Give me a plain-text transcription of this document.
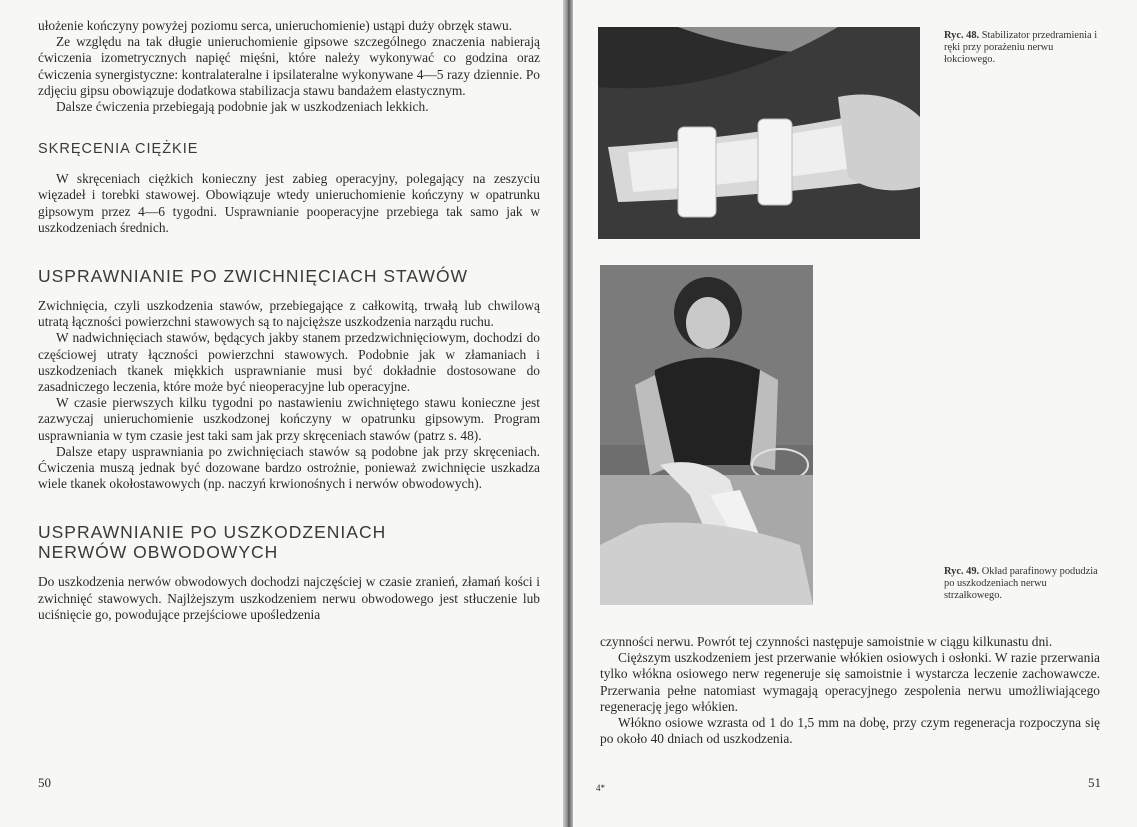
ułożenie kończyny powyżej poziomu serca, unieruchomienie) ustąpi duży obrzęk stawu.

Ze względu na tak długie unieruchomienie gipsowe szczególnego znaczenia nabierają ćwiczenia izometrycznych napięć mięśni, które należy wykonywać co godzina oraz ćwiczenia synergistyczne: kontralateralne i ipsilateralne wykonywane 4—5 razy dziennie. Po zdjęciu gipsu obowiązuje dodatkowa stabilizacja stawu bandażem elastycznym.

Dalsze ćwiczenia przebiegają podobnie jak w uszkodzeniach lekkich.

SKRĘCENIA CIĘŻKIE

W skręceniach ciężkich konieczny jest zabieg operacyjny, polegający na zeszyciu więzadeł i torebki stawowej. Obowiązuje wtedy unieruchomienie kończyny w opatrunku gipsowym przez 4—6 tygodni. Usprawnianie pooperacyjne przebiega tak samo jak w uszkodzeniach średnich.

USPRAWNIANIE PO ZWICHNIĘCIACH STAWÓW

Zwichnięcia, czyli uszkodzenia stawów, przebiegające z całkowitą, trwałą lub chwilową utratą łączności powierzchni stawowych są to najcięższe uszkodzenia narządu ruchu.

W nadwichnięciach stawów, będących jakby stanem przedzwichnięciowym, dochodzi do częściowej utraty łączności powierzchni stawowych. Podobnie jak w złamaniach i uszkodzeniach tkanek miękkich usprawnianie musi być dokładnie dostosowane do zasadniczego leczenia, które może być nieoperacyjne lub operacyjne.

W czasie pierwszych kilku tygodni po nastawieniu zwichniętego stawu konieczne jest zazwyczaj unieruchomienie uszkodzonej kończyny w opatrunku gipsowym. Program usprawniania w tym czasie jest taki sam jak przy skręceniach stawów (patrz s. 48).

Dalsze etapy usprawniania po zwichnięciach stawów są podobne jak przy skręceniach. Ćwiczenia muszą jednak być dozowane bardzo ostrożnie, ponieważ zwichnięcie uszkadza wiele tkanek okołostawowych (np. naczyń krwionośnych i nerwów obwodowych).

USPRAWNIANIE PO USZKODZENIACH
NERWÓW OBWODOWYCH

Do uszkodzenia nerwów obwodowych dochodzi najczęściej w czasie zranień, złamań kości i zwichnięć stawowych. Najlżejszym uszkodzeniem nerwu obwodowego jest stłuczenie lub uciśnięcie go, powodujące przejściowe upośledzenia

50
Ryc. 48. Stabilizator przedramienia i ręki przy porażeniu nerwu łokciowego.
Ryc. 49. Okład parafinowy podudzia po uszkodzeniach nerwu strzałkowego.

czynności nerwu. Powrót tej czynności następuje samoistnie w ciągu kilkunastu dni.

Cięższym uszkodzeniem jest przerwanie włókien osiowych i osłonki. W razie przerwania tylko włókna osiowego nerw regeneruje się samoistnie i wystarcza leczenie zachowawcze. Przerwania pełne natomiast wymagają operacyjnego zespolenia nerwu umożliwiającego regenerację jego włókien.

Włókno osiowe wzrasta od 1 do 1,5 mm na dobę, przy czym regeneracja rozpoczyna się po około 40 dniach od uszkodzenia.

4*	51
